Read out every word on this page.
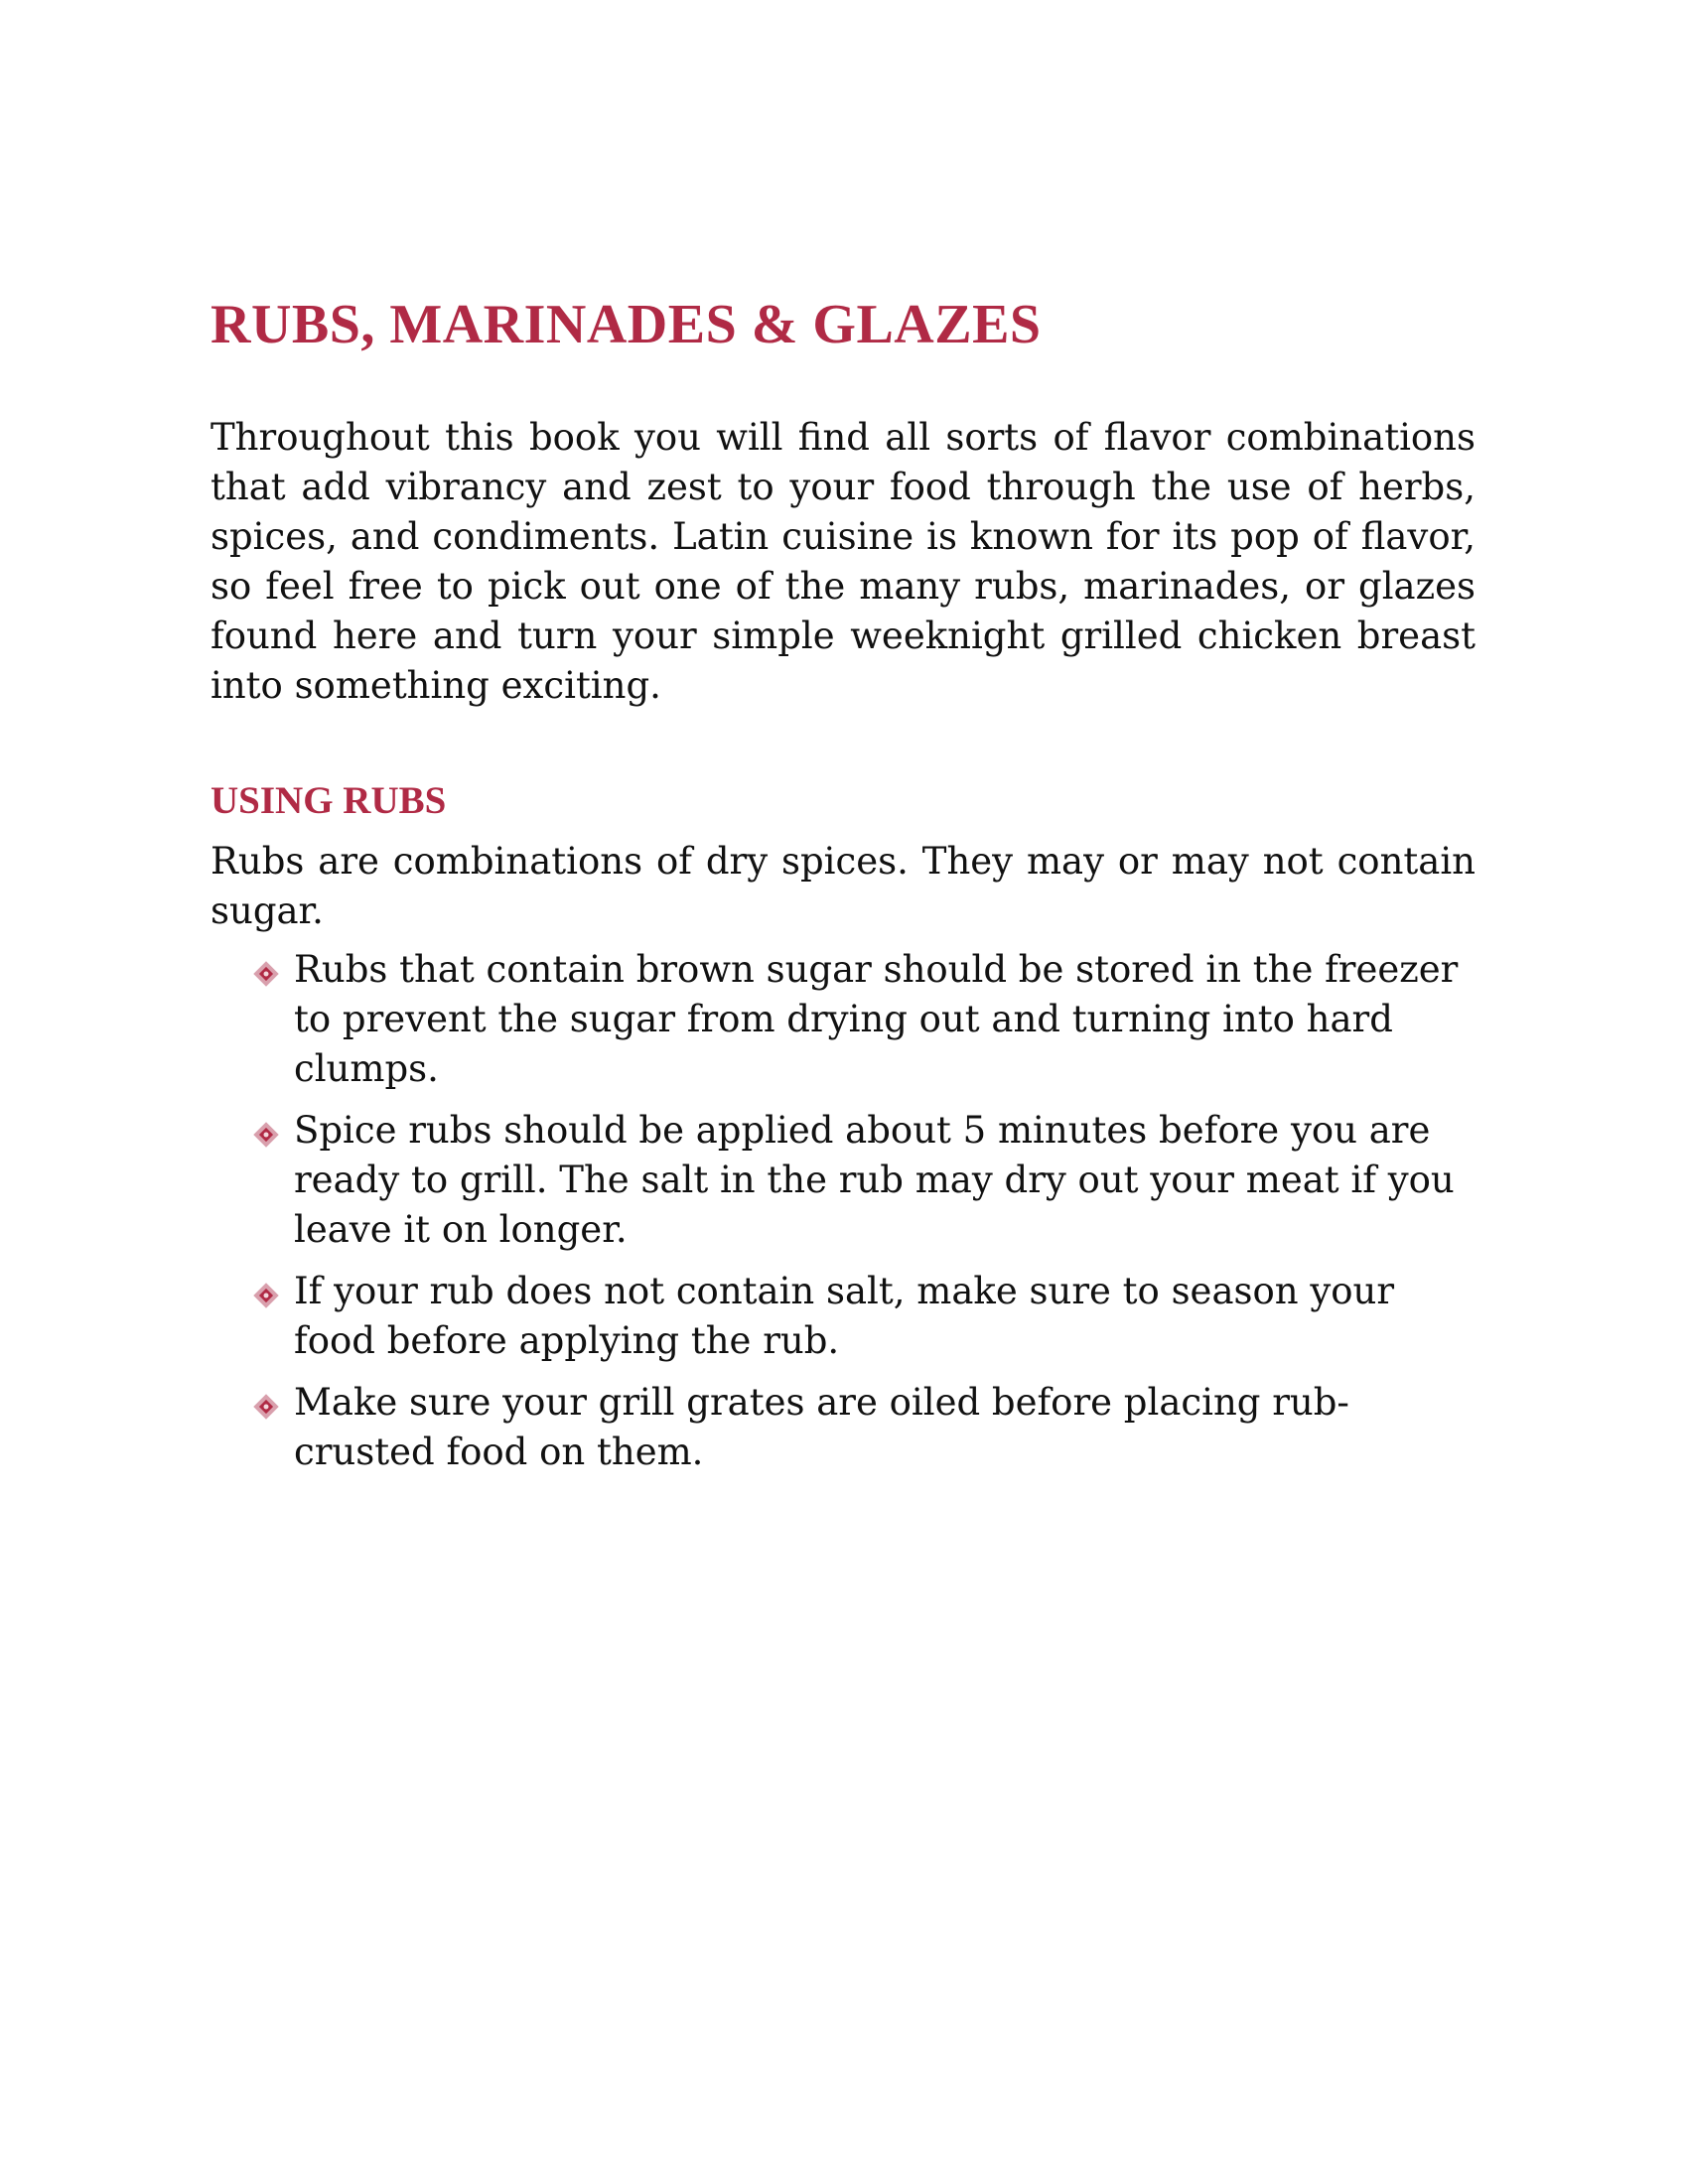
RUBS, MARINADES & GLAZES

Throughout this book you will find all sorts of flavor combinations that add vibrancy and zest to your food through the use of herbs, spices, and condiments. Latin cuisine is known for its pop of flavor, so feel free to pick out one of the many rubs, marinades, or glazes found here and turn your simple weeknight grilled chicken breast into something exciting.

USING RUBS

Rubs are combinations of dry spices. They may or may not contain sugar.

Rubs that contain brown sugar should be stored in the freezer to prevent the sugar from drying out and turning into hard clumps.
Spice rubs should be applied about 5 minutes before you are ready to grill. The salt in the rub may dry out your meat if you leave it on longer.
If your rub does not contain salt, make sure to season your food before applying the rub.
Make sure your grill grates are oiled before placing rub-crusted food on them.
